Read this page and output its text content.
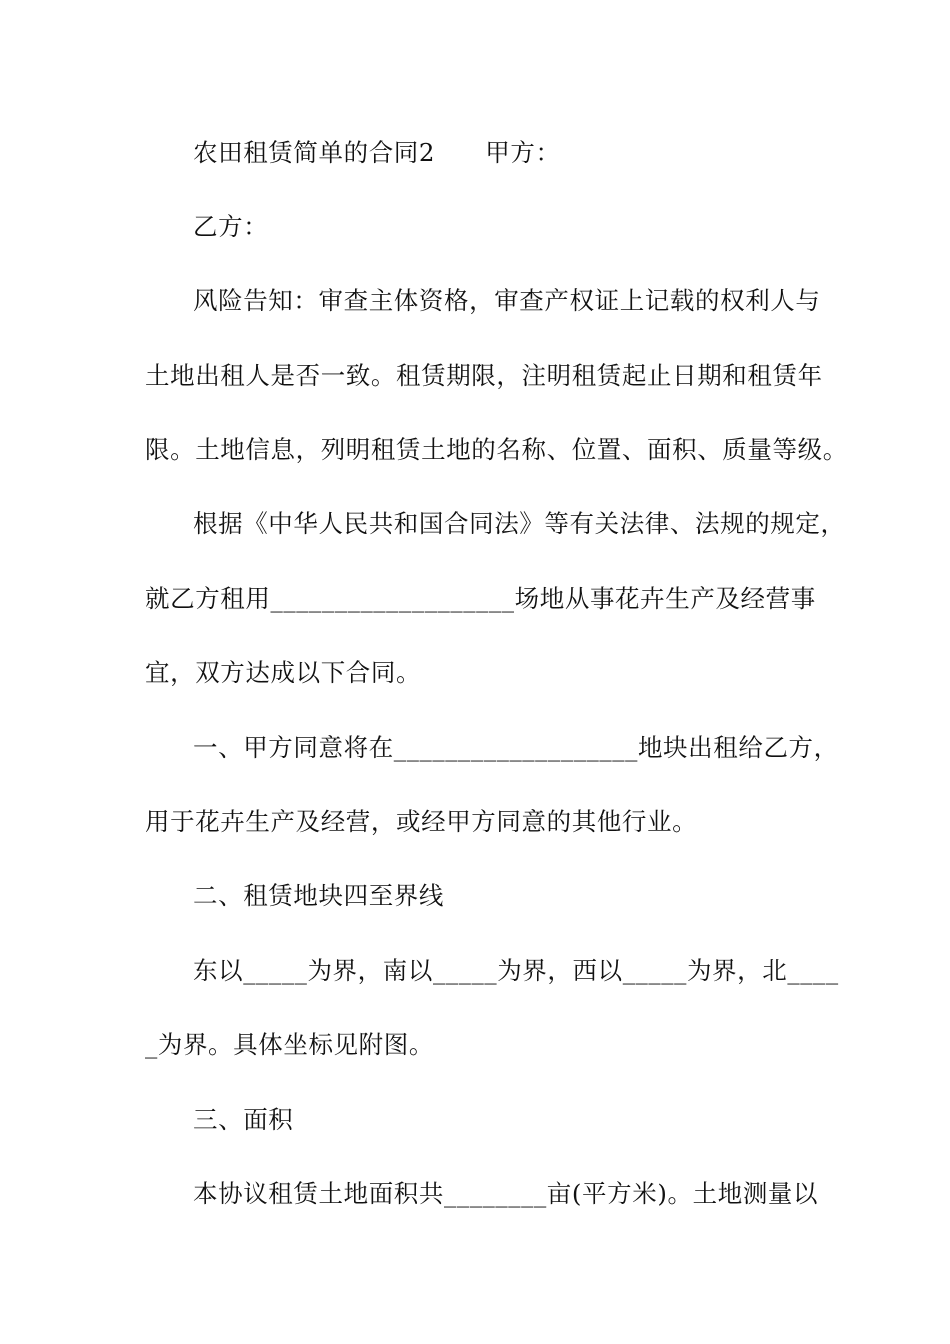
农田租赁简单的合同2　　甲方：
乙方：
风险告知：审查主体资格，审查产权证上记载的权利人与
土地出租人是否一致。租赁期限，注明租赁起止日期和租赁年
限。土地信息，列明租赁土地的名称、位置、面积、质量等级。
根据《中华人民共和国合同法》等有关法律、法规的规定，
就乙方租用___________________场地从事花卉生产及经营事
宜，双方达成以下合同。
一、甲方同意将在___________________地块出租给乙方，
用于花卉生产及经营，或经甲方同意的其他行业。
二、租赁地块四至界线
东以_____为界，南以_____为界，西以_____为界，北____
_为界。具体坐标见附图。
三、面积
本协议租赁土地面积共________亩(平方米)。土地测量以
